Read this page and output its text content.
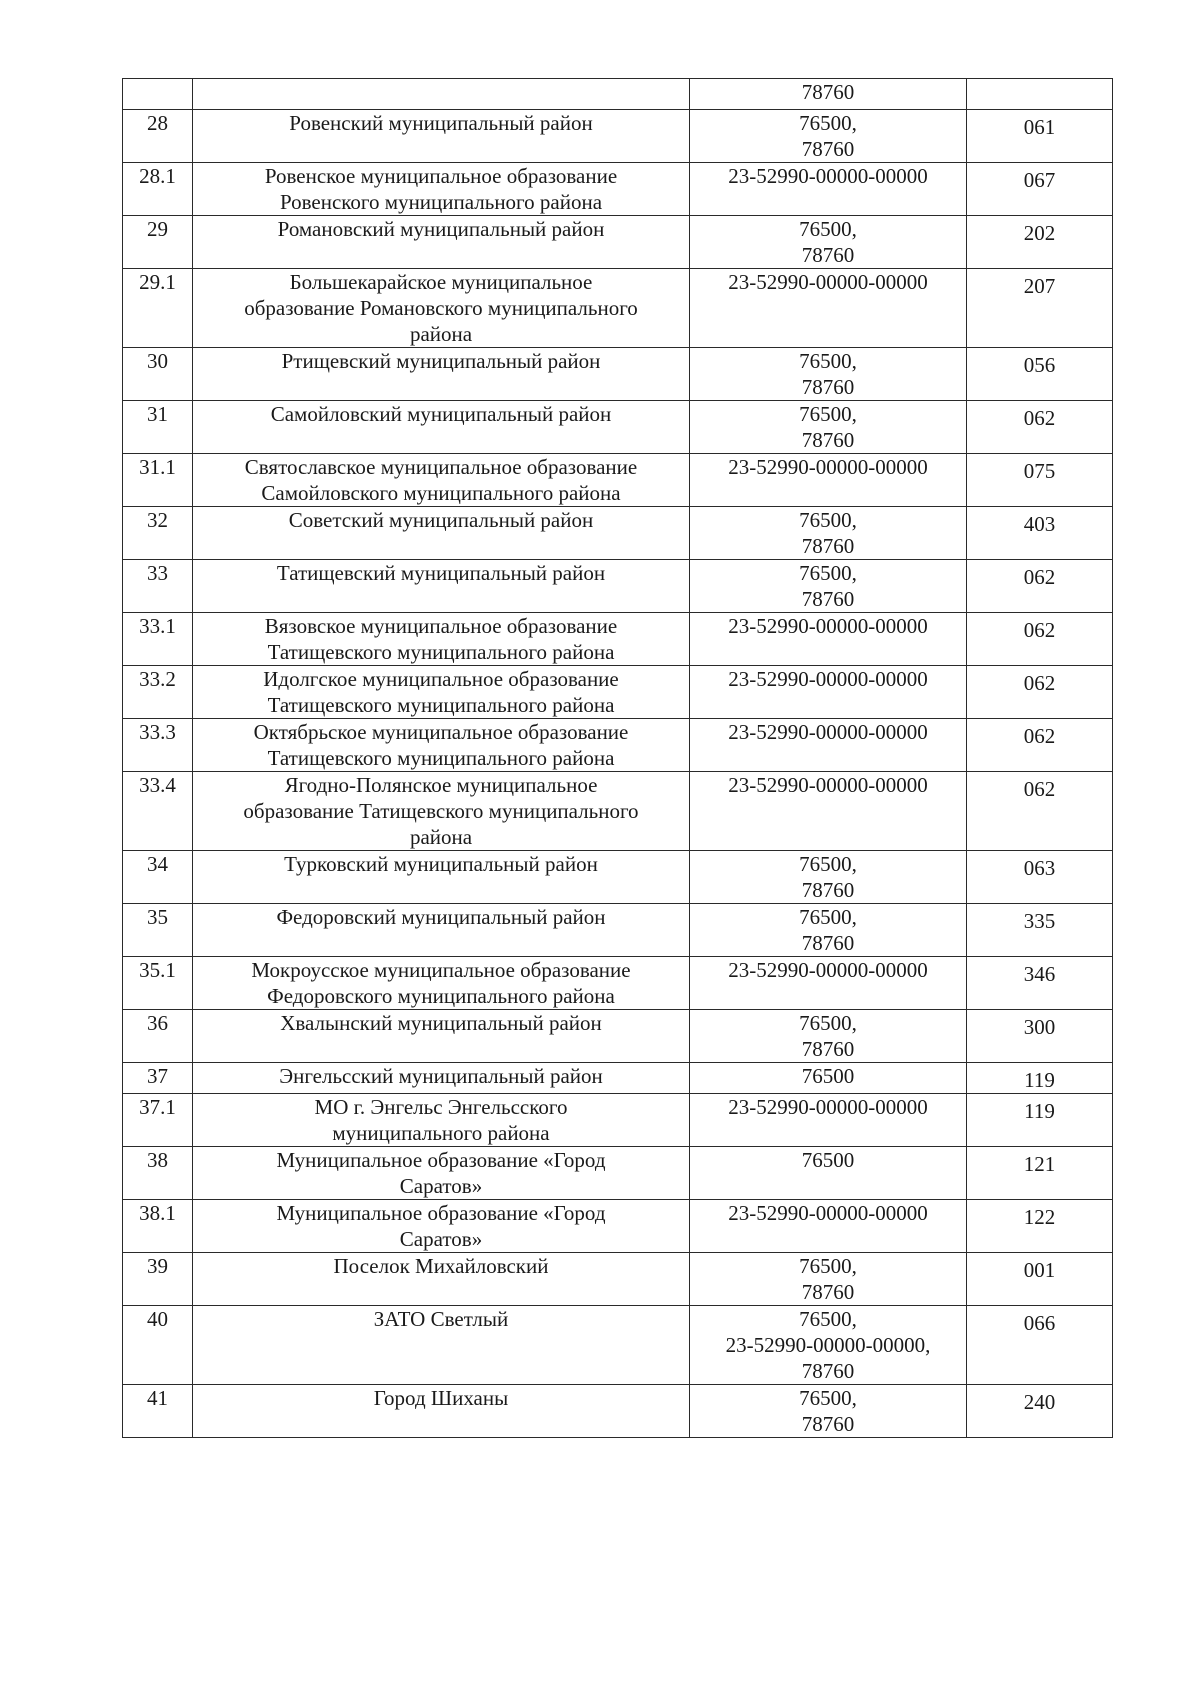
		78760	

28	Ровенский муниципальный район	76500,
78760	061
28.1	Ровенское муниципальное образование
Ровенского муниципального района	23-52990-00000-00000	067
29	Романовский муниципальный район	76500,
78760	202
29.1	Большекарайское муниципальное
образование Романовского муниципального
района	23-52990-00000-00000	207
30	Ртищевский муниципальный район	76500,
78760	056
31	Самойловский муниципальный район	76500,
78760	062
31.1	Святославское муниципальное образование
Самойловского муниципального района	23-52990-00000-00000	075
32	Советский муниципальный район	76500,
78760	403
33	Татищевский муниципальный район	76500,
78760	062
33.1	Вязовское муниципальное образование
Татищевского муниципального района	23-52990-00000-00000	062
33.2	Идолгское муниципальное образование
Татищевского муниципального района	23-52990-00000-00000	062
33.3	Октябрьское муниципальное образование
Татищевского муниципального района	23-52990-00000-00000	062
33.4	Ягодно-Полянское муниципальное
образование Татищевского муниципального
района	23-52990-00000-00000	062
34	Турковский муниципальный район	76500,
78760	063
35	Федоровский муниципальный район	76500,
78760	335
35.1	Мокроусское муниципальное образование
Федоровского муниципального района	23-52990-00000-00000	346
36	Хвалынский муниципальный район	76500,
78760	300
37	Энгельсский муниципальный район	76500	119
37.1	МО г. Энгельс Энгельсского
муниципального района	23-52990-00000-00000	119
38	Муниципальное образование «Город
Саратов»	76500	121
38.1	Муниципальное образование «Город
Саратов»	23-52990-00000-00000	122
39	Поселок Михайловский	76500,
78760	001
40	ЗАТО Светлый	76500,
23-52990-00000-00000,
78760	066
41	Город Шиханы	76500,
78760	240
